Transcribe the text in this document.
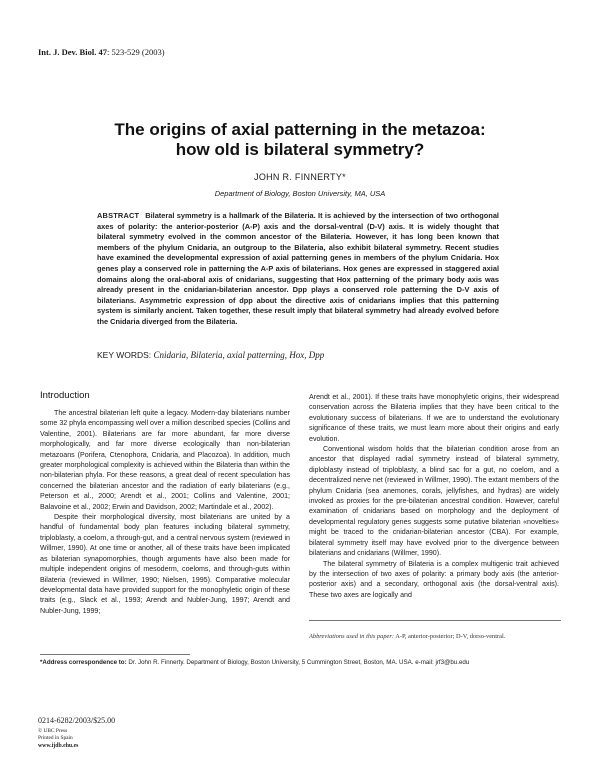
Int. J. Dev. Biol. 47: 523-529 (2003)
The origins of axial patterning in the metazoa:
how old is bilateral symmetry?
JOHN R. FINNERTY*
Department of Biology, Boston University, MA, USA
ABSTRACT Bilateral symmetry is a hallmark of the Bilateria. It is achieved by the intersection of two orthogonal axes of polarity: the anterior-posterior (A-P) axis and the dorsal-ventral (D-V) axis. It is widely thought that bilateral symmetry evolved in the common ancestor of the Bilateria. However, it has long been known that members of the phylum Cnidaria, an outgroup to the Bilateria, also exhibit bilateral symmetry. Recent studies have examined the developmental expression of axial patterning genes in members of the phylum Cnidaria. Hox genes play a conserved role in patterning the A-P axis of bilaterians. Hox genes are expressed in staggered axial domains along the oral-aboral axis of cnidarians, suggesting that Hox patterning of the primary body axis was already present in the cnidarian-bilaterian ancestor. Dpp plays a conserved role patterning the D-V axis of bilaterians. Asymmetric expression of dpp about the directive axis of cnidarians implies that this patterning system is similarly ancient. Taken together, these result imply that bilateral symmetry had already evolved before the Cnidaria diverged from the Bilateria.
KEY WORDS: Cnidaria, Bilateria, axial patterning, Hox, Dpp
Introduction

The ancestral bilaterian left quite a legacy. Modern-day bilaterians number some 32 phyla encompassing well over a million described species (Collins and Valentine, 2001). Bilaterians are far more abundant, far more diverse morphologically, and far more diverse ecologically than non-bilaterian metazoans (Porifera, Ctenophora, Cnidaria, and Placozoa). In addition, much greater morphological complexity is achieved within the Bilateria than within the non-bilaterian phyla. For these reasons, a great deal of recent speculation has concerned the bilaterian ancestor and the radiation of early bilaterians (e.g., Peterson et al., 2000; Arendt et al., 2001; Collins and Valentine, 2001; Balavoine et al., 2002; Erwin and Davidson, 2002; Martindale et al., 2002).

Despite their morphological diversity, most bilaterians are united by a handful of fundamental body plan features including bilateral symmetry, triploblasty, a coelom, a through-gut, and a central nervous system (reviewed in Willmer, 1990). At one time or another, all of these traits have been implicated as bilaterian synapomorphies, though arguments have also been made for multiple independent origins of mesoderm, coeloms, and through-guts within Bilateria (reviewed in Willmer, 1990; Nielsen, 1995). Comparative molecular developmental data have provided support for the monophyletic origin of these traits (e.g., Slack et al., 1993; Arendt and Nubler-Jung, 1997; Arendt and Nubler-Jung, 1999;

Arendt et al., 2001). If these traits have monophyletic origins, their widespread conservation across the Bilateria implies that they have been critical to the evolutionary success of bilaterians. If we are to understand the evolutionary significance of these traits, we must learn more about their origins and early evolution.

Conventional wisdom holds that the bilaterian condition arose from an ancestor that displayed radial symmetry instead of bilateral symmetry, diploblasty instead of triploblasty, a blind sac for a gut, no coelom, and a decentralized nerve net (reviewed in Willmer, 1990). The extant members of the phylum Cnidaria (sea anemones, corals, jellyfishes, and hydras) are widely invoked as proxies for the pre-bilaterian ancestral condition. However, careful examination of cnidarians based on morphology and the deployment of developmental regulatory genes suggests some putative bilaterian «novelties» might be traced to the cnidarian-bilaterian ancestor (CBA). For example, bilateral symmetry itself may have evolved prior to the divergence between bilaterians and cnidarians (Willmer, 1990).

The bilateral symmetry of Bilateria is a complex multigenic trait achieved by the intersection of two axes of polarity: a primary body axis (the anterior-posterior axis) and a secondary, orthogonal axis (the dorsal-ventral axis). These two axes are logically and

Abbreviations used in this paper: A-P, anterior-posterior; D-V, dorso-ventral.
*Address correspondence to: Dr. John R. Finnerty. Department of Biology, Boston University, 5 Cummington Street, Boston, MA. USA. e-mail: jrf3@bu.edu
0214-6282/2003/$25.00
© UBC Press
Printed in Spain
www.ijdb.ehu.es
